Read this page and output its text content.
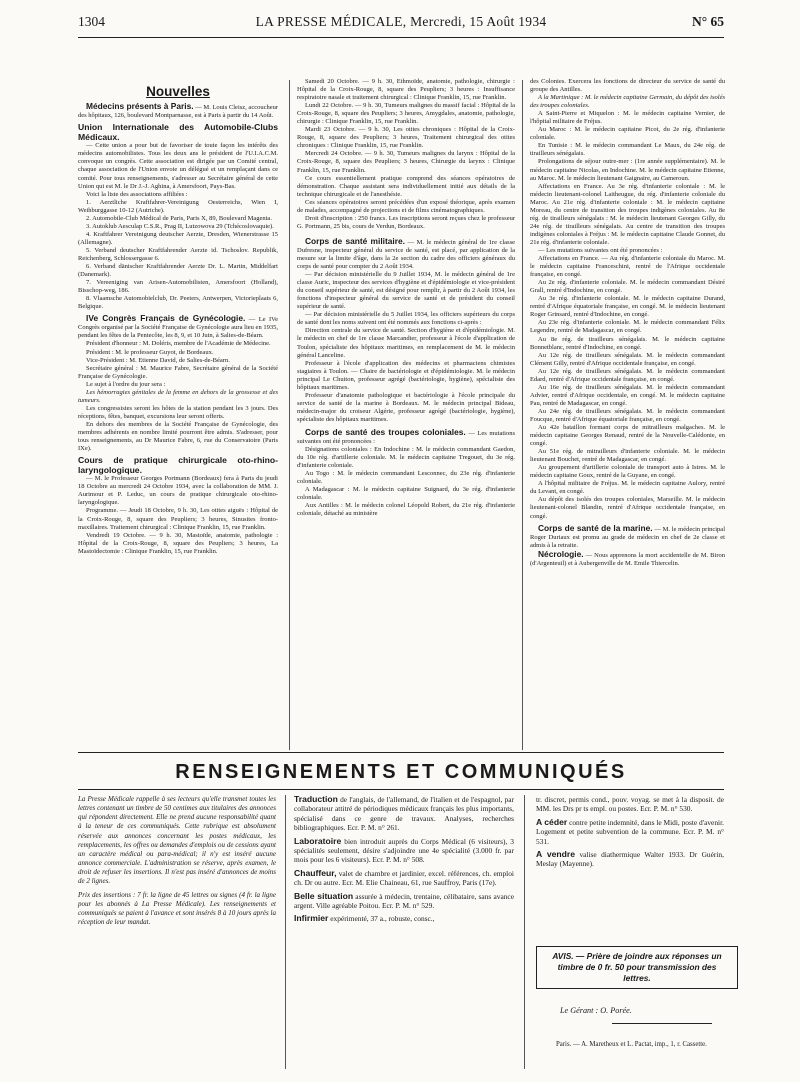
1304	LA PRESSE MÉDICALE, Mercredi, 15 Août 1934	N° 65
Nouvelles

Médecins présents à Paris. — M. Louis Cleisz, accoucheur des hôpitaux, 126, boulevard Montparnasse, est à Paris à partir du 14 Août.

Union Internationale des Automobile-Clubs Médicaux.

— Cette union a pour but de favoriser de toute façon les intérêts des médecins automobilistes. Tous les deux ans le président de l'U.I.A.C.M. convoque un congrès. Cette association est dirigée par un Comité central, chaque association de l'Union envoie un délégué et un remplaçant dans ce comité. Pour tous renseignements, s'adresser au Secrétaire général de cette Union qui est M. le Dr J.-J. Aghina, à Amersfoort, Pays-Bas.

Voici la liste des associations affiliées :

1. Aerztliche Kraftfahrer-Vereinigung Oesterreichs, Wien I, Weihburggasse 10-12 (Autriche).

2. Automobile-Club Médical de Paris, Paris X, 89, Boulevard Magenta.

3. Autoklub Aesculap C.S.R., Prag II, Lutzowova 29 (Tchécoslovaquie).

4. Kraftfahrer Vereinigung deutscher Aerzte, Dresden, Wienerstrasse 15 (Allemagne).

5. Verband deutscher Kraftfahrender Aerzte id. Tschoslov. Republik, Reichenberg, Schlossergasse 6.

6. Verband dänischer Kraftfahrender Aerzte Dr. L. Martin, Middelfart (Danemark).

7. Vereeniging van Arisen-Automobilisten, Amersfoort (Holland), Bisschop-weg, 186.

8. Vlaamsche Automobielclub, Dr. Peeters, Antwerpen, Victorieplaats 6, Belgique.

IVe Congrès Français de Gynécologie. — Le IVe Congrès organisé par la Société Française de Gynécologie aura lieu en 1935, pendant les fêtes de la Pentecôte, les 8, 9, et 10 Juin, à Salies-de-Béarn.

Président d'honneur : M. Doléris, membre de l'Académie de Médecine.

Président : M. le professeur Guyot, de Bordeaux.

Vice-Président : M. Etienne David, de Salies-de-Béarn.

Secrétaire général : M. Maurice Fabre, Secrétaire général de la Société Française de Gynécologie.

Le sujet à l'ordre du jour sera :

Les hémorragies génitales de la femme en dehors de la grossesse et des tumeurs.

Les congressistes seront les hôtes de la station pendant les 3 jours. Des réceptions, fêtes, banquet, excursions leur seront offerts.

En dehors des membres de la Société Française de Gynécologie, des membres adhérents en nombre limité pourront être admis. S'adresser, pour tous renseignements, au Dr Maurice Fabre, 6, rue du Conservatoire (Paris IXe).

Cours de pratique chirurgicale oto-rhino-laryngologique.

— M. le Professeur Georges Portmann (Bordeaux) fera à Paris du jeudi 18 Octobre au mercredi 24 Octobre 1934, avec la collaboration de MM. J. Aurimour et P. Leduc, un cours de pratique chirurgicale oto-rhino-laryngologique.

Programme. — Jeudi 18 Octobre, 9 h. 30, Les otites aiguës : Hôpital de la Croix-Rouge, 8, square des Peupliers; 3 heures, Sinusites fronto-maxillaires. Traitement chirurgical : Clinique Franklin, 15, rue Franklin.

Vendredi 19 Octobre. — 9 h. 30, Mastoïde, anatomie, pathologie : Hôpital de la Croix-Rouge, 8, square des Peupliers; 3 heures, La Mastoïdectomie : Clinique Franklin, 15, rue Franklin.

Samedi 20 Octobre. — 9 h. 30, Ethmoïde, anatomie, pathologie, chirurgie : Hôpital de la Croix-Rouge, 8, square des Peupliers; 3 heures : Insuffisance respiratoire nasale et traitement chirurgical : Clinique Franklin, 15, rue Franklin.

Lundi 22 Octobre. — 9 h. 30, Tumeurs malignes du massif facial : Hôpital de la Croix-Rouge, 8, square des Peupliers; 3 heures, Amygdales, anatomie, pathologie, chirurgie : Clinique Franklin, 15, rue Franklin.

Mardi 23 Octobre. — 9 h. 30, Les otites chroniques : Hôpital de la Croix-Rouge, 8, square des Peupliers; 3 heures, Traitement chirurgical des otites chroniques : Clinique Franklin, 15, rue Franklin.

Mercredi 24 Octobre. — 9 h. 30, Tumeurs malignes du larynx : Hôpital de la Croix-Rouge, 8, square des Peupliers; 3 heures, Chirurgie du larynx : Clinique Franklin, 15, rue Franklin.

Ce cours essentiellement pratique comprend des séances opératoires de démonstration. Chaque assistant sera individuellement initié aux détails de la technique chirurgicale et de l'anesthésie.

Ces séances opératoires seront précédées d'un exposé théorique, après examen de malades, accompagné de projections et de films cinématographiques.

Droit d'inscription : 250 francs. Les inscriptions seront reçues chez le professeur G. Portmann, 25 bis, cours de Verdun, Bordeaux.

Corps de santé militaire. — M. le médecin général de 1re classe Dufresne, inspecteur général du service de santé, est placé, par application de la mesure sur la limite d'âge, dans la 2e section du cadre des officiers généraux du corps de santé pour compter du 2 Août 1934.

— Par décision ministérielle du 9 Juillet 1934, M. le médecin général de 1re classe Auric, inspecteur des services d'hygiène et d'épidémiologie et vice-président du conseil supérieur de santé, est désigné pour remplir, à partir du 2 Août 1934, les fonctions d'inspecteur général du service de santé et de président du conseil supérieur de santé.

— Par décision ministérielle du 5 Juillet 1934, les officiers supérieurs du corps de santé dont les noms suivent ont été nommés aux fonctions ci-après :

Direction centrale du service de santé. Section d'hygiène et d'épidémiologie. M. le médecin en chef de 1re classe Marcandier, professeur à l'école d'application de Toulon, spécialiste des hôpitaux maritimes, en remplacement de M. le médecin général Lanceline.

Professeur à l'école d'application des médecins et pharmaciens chimistes stagiaires à Toulon. — Chaire de bactériologie et d'épidémiologie. M. le médecin principal Le Chuiton, professeur agrégé (bactériologie, hygiène), spécialiste des hôpitaux maritimes.

Professeur d'anatomie pathologique et bactériologie à l'école principale du service de santé de la marine à Bordeaux. M. le médecin principal Bideau, médecin-major du croiseur Algérie, professeur agrégé (bactériologie, hygiène), spécialiste des hôpitaux maritimes.

Corps de santé des troupes coloniales. — Les mutations suivantes ont été prononcées :

Désignations coloniales : En Indochine : M. le médecin commandant Gaedon, du 10e rég. d'artillerie coloniale. M. le médecin capitaine Tregouet, du 3e rég. d'infanterie coloniale.

Au Togo : M. le médecin commandant Lesconnec, du 23e rég. d'infanterie coloniale.

A Madagascar : M. le médecin capitaine Suignard, du 3e rég. d'infanterie coloniale.

Aux Antilles : M. le médecin colonel Léopold Robert, du 21e rég. d'infanterie coloniale, détaché au ministère

des Colonies. Exercera les fonctions de directeur du service de santé du groupe des Antilles.

A la Martinique : M. le médecin capitaine Germain, du dépôt des isolés des troupes coloniales.

A Saint-Pierre et Miquelon : M. le médecin capitaine Vernier, de l'hôpital militaire de Fréjus.

Au Maroc : M. le médecin capitaine Picot, du 2e rég. d'infanterie coloniale.

En Tunisie : M. le médecin commandant Le Maux, du 24e rég. de tirailleurs sénégalais.

Prolongations de séjour outre-mer : (1re année supplémentaire). M. le médecin capitaine Nicolas, en Indochine. M. le médecin capitaine Etienne, au Maroc. M. le médecin lieutenant Gaignaire, au Cameroun.

Affectations en France. Au 3e rég. d'infanterie coloniale : M. le médecin lieutenant-colonel Laitheugue, du rég. d'infanterie coloniale du Maroc. Au 21e rég. d'infanterie coloniale : M. le médecin capitaine Moreau, du centre de transition des troupes indigènes coloniales. Au 8e rég. de tirailleurs sénégalais : M. le médecin lieutenant Georges Gilly, du 24e rég. de tirailleurs sénégalais. Au centre de transition des troupes indigènes coloniales à Fréjus : M. le médecin capitaine Claude Gonnet, du 21e rég. d'infanterie coloniale.

— Les mutations suivantes ont été prononcées :

Affectations en France. — Au rég. d'infanterie coloniale du Maroc. M. le médecin capitaine Franceschini, rentré de l'Afrique occidentale française, en congé.

Au 2e rég. d'infanterie coloniale. M. le médecin commandant Désiré Grall, rentré d'Indochine, en congé.

Au 3e rég. d'infanterie coloniale. M. le médecin capitaine Durand, rentré d'Afrique équatoriale française, en congé. M. le médecin lieutenant Roger Grinsard, rentré d'Indochine, en congé.

Au 23e rég. d'infanterie coloniale. M. le médecin commandant Félix Legendre, rentré de Madagascar, en congé.

Au 8e rég. de tirailleurs sénégalais. M. le médecin capitaine Bonnetblanc, rentré d'Indochine, en congé.

Au 12e rég. de tirailleurs sénégalais. M. le médecin commandant Clément Gilly, rentré d'Afrique occidentale française, en congé.

Au 12e rég. de tirailleurs sénégalais. M. le médecin commandant Edard, rentré d'Afrique occidentale française, en congé.

Au 16e rég. de tirailleurs sénégalais. M. le médecin commandant Advier, rentré d'Afrique occidentale, en congé. M. le médecin capitaine Pau, rentré de Madagascar, en congé.

Au 24e rég. de tirailleurs sénégalais. M. le médecin commandant Foucque, rentré d'Afrique équatoriale française, en congé.

Au 42e bataillon formant corps de mitrailleurs malgaches. M. le médecin capitaine Georges Renaud, rentré de la Nouvelle-Calédonie, en congé.

Au 51e rég. de mitrailleurs d'infanterie coloniale. M. le médecin lieutenant Bouchet, rentré de Madagascar, en congé.

Au groupement d'artillerie coloniale de transport auto à Istres. M. le médecin capitaine Goux, rentré de la Guyane, en congé.

A l'hôpital militaire de Fréjus. M. le médecin capitaine Aulory, rentré du Levant, en congé.

Au dépôt des isolés des troupes coloniales, Marseille. M. le médecin lieutenant-colonel Blandin, rentré d'Afrique occidentale française, en congé.

Corps de santé de la marine. — M. le médecin principal Roger Duriaux est promu au grade de médecin en chef de 2e classe et admis à la retraite.

Nécrologie. — Nous apprenons la mort accidentelle de M. Biron (d'Argenteuil) et à Aubergenville de M. Emile Thiercelin.

RENSEIGNEMENTS ET COMMUNIQUÉS

La Presse Médicale rappelle à ses lecteurs qu'elle transmet toutes les lettres contenant un timbre de 50 centimes aux titulaires des annonces qui répondent directement. Elle ne prend aucune responsabilité quant à la teneur de ces communiqués. Cette rubrique est absolument réservée aux annonces concernant les postes médicaux, les remplacements, les offres ou demandes d'emplois ou de cessions ayant un caractère médical ou para-médical; il n'y est inséré aucune annonce commerciale. L'administration se réserve, après examen, le droit de refuser les insertions. Il n'est pas inséré d'annonces de moins de 2 lignes.

Prix des insertions : 7 fr. la ligne de 45 lettres ou signes (4 fr. la ligne pour les abonnés à La Presse Médicale). Les renseignements et communiqués se paient à l'avance et sont insérés 8 à 10 jours après la réception de leur mandat.

Traduction de l'anglais, de l'allemand, de l'italien et de l'espagnol, par collaborateur attitré de périodiques médicaux français les plus importants, spécialisé dans ce genre de travaux. Analyses, recherches bibliographiques. Ecr. P. M. n° 261.

Laboratoire bien introduit auprès du Corps Médical (6 visiteurs), 3 spécialités seulement, désire s'adjoindre une 4e spécialité (3.000 fr. par mois pour les 6 visiteurs). Ecr. P. M. n° 508.

Chauffeur, valet de chambre et jardinier, excel. références, ch. emploi ch. Dr ou autre. Ecr. M. Elie Chaineau, 61, rue Sauffroy, Paris (17e).

Belle situation assurée à médecin, trentaine, célibataire, sans avance argent. Ville agréable Poitou. Ecr. P. M. n° 529.

Infirmier expérimenté, 37 a., robuste, consc.,

tr. discret, permis cond., pouv. voyag. se met à la disposit. de MM. les Drs pr ts empl. ou postes. Ecr. P. M. n° 530.

A céder contre petite indemnité, dans le Midi, poste d'avenir. Logement et petite subvention de la commune. Ecr. P. M. n° 531.

A vendre valise diathermique Walter 1933. Dr Guérin, Meslay (Mayenne).

AVIS. — Prière de joindre aux réponses un timbre de 0 fr. 50 pour transmission des lettres.
Le Gérant : O. Porée.
Paris. — A. Maretheux et L. Pactat, imp., 1, r. Cassette.
